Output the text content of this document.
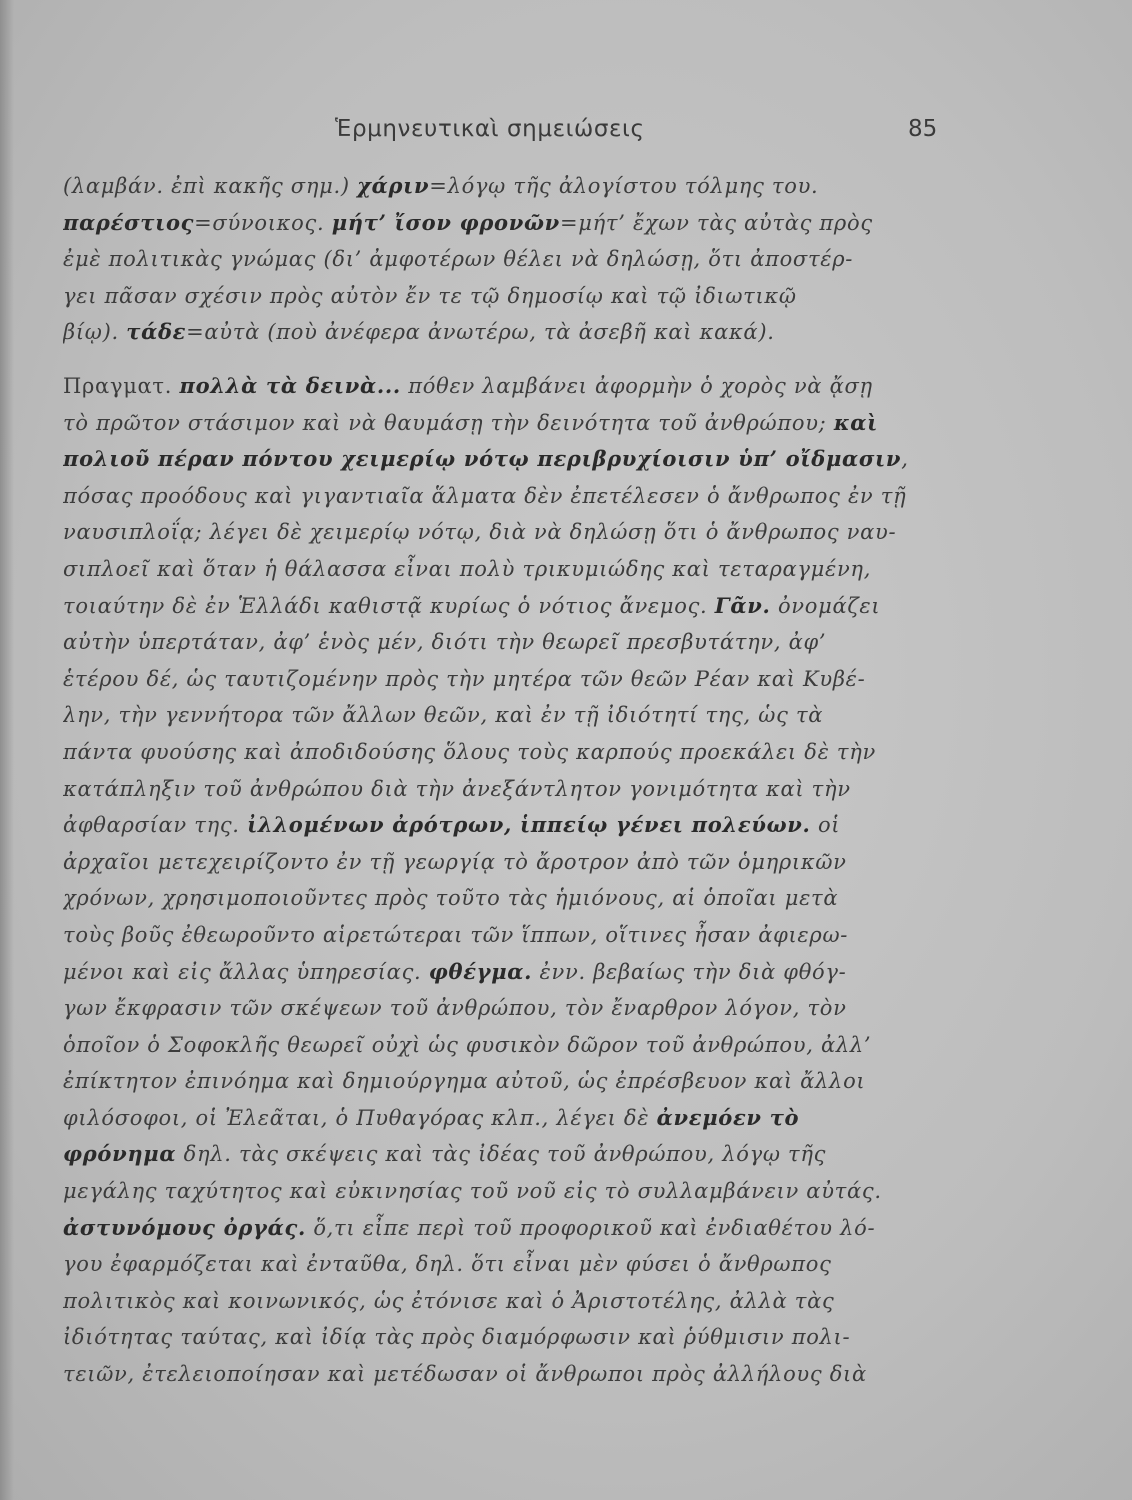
Ἑρμηνευτικαὶ σημειώσεις	85
(λαμβάν. ἐπὶ κακῆς σημ.) χάριν=λόγῳ τῆς ἀλογίστου τόλμης του.
παρέστιος=σύνοικος. μήτ’ ἴσον φρονῶν=μήτ’ ἔχων τὰς αὐτὰς πρὸς
ἐμὲ πολιτικὰς γνώμας (δι’ ἀμφοτέρων θέλει νὰ δηλώσῃ, ὅτι ἀποστέρ-
γει πᾶσαν σχέσιν πρὸς αὐτὸν ἔν τε τῷ δημοσίῳ καὶ τῷ ἰδιωτικῷ
βίῳ). τάδε=αὐτὰ (ποὺ ἀνέφερα ἀνωτέρω, τὰ ἀσεβῆ καὶ κακά).
Πραγματ. πολλὰ τὰ δεινὰ... πόθεν λαμβάνει ἀφορμὴν ὁ χορὸς νὰ ᾄσῃ
τὸ πρῶτον στάσιμον καὶ νὰ θαυμάσῃ τὴν δεινότητα τοῦ ἀνθρώπου; καὶ
πολιοῦ πέραν πόντου χειμερίῳ νότῳ περιβρυχίοισιν ὑπ’ οἴδμασιν,
πόσας προόδους καὶ γιγαντιαῖα ἅλματα δὲν ἐπετέλεσεν ὁ ἄνθρωπος ἐν τῇ
ναυσιπλοΐᾳ; λέγει δὲ χειμερίῳ νότῳ, διὰ νὰ δηλώσῃ ὅτι ὁ ἄνθρωπος ναυ-
σιπλοεῖ καὶ ὅταν ἡ θάλασσα εἶναι πολὺ τρικυμιώδης καὶ τεταραγμένη,
τοιαύτην δὲ ἐν Ἑλλάδι καθιστᾷ κυρίως ὁ νότιος ἄνεμος. Γᾶν. ὀνομάζει
αὐτὴν ὑπερτάταν, ἀφ’ ἑνὸς μέν, διότι τὴν θεωρεῖ πρεσβυτάτην, ἀφ’
ἑτέρου δέ, ὡς ταυτιζομένην πρὸς τὴν μητέρα τῶν θεῶν Ρέαν καὶ Κυβέ-
λην, τὴν γεννήτορα τῶν ἄλλων θεῶν, καὶ ἐν τῇ ἰδιότητί της, ὡς τὰ
πάντα φυούσης καὶ ἀποδιδούσης ὅλους τοὺς καρπούς προεκάλει δὲ τὴν
κατάπληξιν τοῦ ἀνθρώπου διὰ τὴν ἀνεξάντλητον γονιμότητα καὶ τὴν
ἀφθαρσίαν της. ἰλλομένων ἀρότρων, ἱππείῳ γένει πολεύων. οἱ
ἀρχαῖοι μετεχειρίζοντο ἐν τῇ γεωργίᾳ τὸ ἄροτρον ἀπὸ τῶν ὁμηρικῶν
χρόνων, χρησιμοποιοῦντες πρὸς τοῦτο τὰς ἡμιόνους, αἱ ὁποῖαι μετὰ
τοὺς βοῦς ἐθεωροῦντο αἱρετώτεραι τῶν ἵππων, οἵτινες ἦσαν ἀφιερω-
μένοι καὶ εἰς ἄλλας ὑπηρεσίας. φθέγμα. ἐνν. βεβαίως τὴν διὰ φθόγ-
γων ἔκφρασιν τῶν σκέψεων τοῦ ἀνθρώπου, τὸν ἔναρθρον λόγον, τὸν
ὁποῖον ὁ Σοφοκλῆς θεωρεῖ οὐχὶ ὡς φυσικὸν δῶρον τοῦ ἀνθρώπου, ἀλλ’
ἐπίκτητον ἐπινόημα καὶ δημιούργημα αὐτοῦ, ὡς ἐπρέσβευον καὶ ἄλλοι
φιλόσοφοι, οἱ Ἐλεᾶται, ὁ Πυθαγόρας κλπ., λέγει δὲ ἀνεμόεν τὸ
φρόνημα δηλ. τὰς σκέψεις καὶ τὰς ἰδέας τοῦ ἀνθρώπου, λόγῳ τῆς
μεγάλης ταχύτητος καὶ εὐκινησίας τοῦ νοῦ εἰς τὸ συλλαμβάνειν αὐτάς.
ἀστυνόμους ὀργάς. ὅ,τι εἶπε περὶ τοῦ προφορικοῦ καὶ ἐνδιαθέτου λό-
γου ἐφαρμόζεται καὶ ἐνταῦθα, δηλ. ὅτι εἶναι μὲν φύσει ὁ ἄνθρωπος
πολιτικὸς καὶ κοινωνικός, ὡς ἐτόνισε καὶ ὁ Ἀριστοτέλης, ἀλλὰ τὰς
ἰδιότητας ταύτας, καὶ ἰδίᾳ τὰς πρὸς διαμόρφωσιν καὶ ῥύθμισιν πολι-
τειῶν, ἐτελειοποίησαν καὶ μετέδωσαν οἱ ἄνθρωποι πρὸς ἀλλήλους διὰ
